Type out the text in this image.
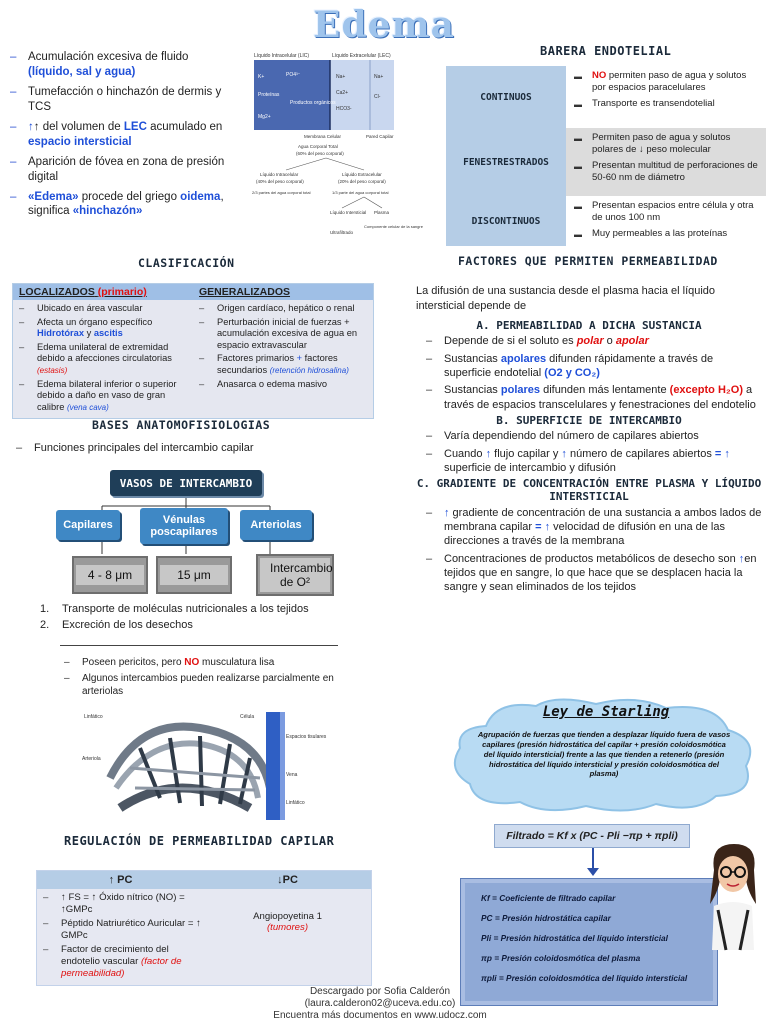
Edema
– Acumulación excesiva de fluido (líquido, sal y agua)
– Tumefacción o hinchazón de dermis y TCS
– ↑↑ del volumen de LEC acumulado en espacio intersticial
– Aparición de fóvea en zona de presión digital
– «Edema» procede del griego oidema, significa «hinchazón»
Líquido Intracelular (LIC)	Líquido Extracelular (LEC)
K+	PO4³⁻
Proteínas
Productos orgánicos
Mg2+
Na+
Ca2+
HCO3-
Na+
Cl-
Membrana Celular	Pared Capilar
Agua Corporal Total
(60% del peso corporal)
Líquido Intracelular
(40% del peso corporal)
Líquido Extracelular
(20% del peso corporal)
2/3 partes del agua corporal total	1/3 parte del agua corporal total
Líquido Intersticial Plasma
Ultrafiltrado
Componente celular de la sangre
BARERA ENDOTELIAL
CONTINUOS
▬ NO permiten paso de agua y solutos por espacios paracelulares
▬ Transporte es transendotelial
FENESTRESTRADOS
▬ Permiten paso de agua y solutos polares de ↓ peso molecular
▬ Presentan multitud de perforaciones de 50-60 nm de diámetro
DISCONTINUOS
▬ Presentan espacios entre célula y otra de unos 100 nm
▬ Muy permeables a las proteínas
CLASIFICACIÓN
LOCALIZADOS (primario)	GENERALIZADOS
– Ubicado en área vascular
– Afecta un órgano específico
Hidrotórax y ascitis
– Edema unilateral de extremidad debido a afecciones circulatorias (estasis)
– Edema bilateral inferior o superior debido a daño en vaso de gran calibre (vena cava)
– Origen cardíaco, hepático o renal
– Perturbación inicial de fuerzas + acumulación excesiva de agua en espacio extravascular
– Factores primarios + factores secundarios (retención hidrosalina)
– Anasarca o edema masivo
BASES ANATOMOFISIOLOGIAS
– Funciones principales del intercambio capilar
VASOS DE INTERCAMBIO
Capilares	Vénulas poscapilares
Arteriolas
4 - 8 μm	15 μm	Intercambio de O²
1. Transporte de moléculas nutricionales a los tejidos
2. Excreción de los desechos
– Poseen pericitos, pero NO musculatura lisa
– Algunos intercambios pueden realizarse parcialmente en arteriolas
Linfático
Arteriola
Célula
Espacios tisulares
Vena
Linfático
REGULACIÓN DE PERMEABILIDAD CAPILAR
↑ PC	↓PC
– ↑ FS = ↑ Óxido nítrico (NO) = ↑GMPc
– Péptido Natriurético Auricular = ↑ GMPc
– Factor de crecimiento del endotelio vascular (factor de permeabilidad)
Angiopoyetina 1
(tumores)
FACTORES QUE PERMITEN PERMEABILIDAD
La difusión de una sustancia desde el plasma hacia el líquido intersticial depende de
A. PERMEABILIDAD A DICHA SUSTANCIA
– Depende de si el soluto es polar o apolar
– Sustancias apolares difunden rápidamente a través de superficie endotelial (O2 y CO₂)
– Sustancias polares difunden más lentamente (excepto H₂O) a través de espacios transcelulares y fenestraciones del endotelio
B. SUPERFICIE DE INTERCAMBIO
– Varía dependiendo del número de capilares abiertos
– Cuando ↑ flujo capilar y ↑ número de capilares abiertos = ↑ superficie de intercambio y difusión
C. GRADIENTE DE CONCENTRACIÓN ENTRE PLASMA Y LÍQUIDO INTERSTICIAL
– ↑ gradiente de concentración de una sustancia a ambos lados de membrana capilar = ↑ velocidad de difusión en una de las direcciones a través de la membrana
– Concentraciones de productos metabólicos de desecho son ↑en tejidos que en sangre, lo que hace que se desplacen hacia la sangre y sean eliminados de los tejidos
Ley de Starling
Agrupación de fuerzas que tienden a desplazar líquido fuera de vasos capilares (presión hidrostática del capilar + presión coloidosmótica del líquido intersticial) frente a las que tienden a retenerlo (presión hidrostática del líquido intersticial y presión coloidosmótica del plasma)
Filtrado = Kf x (PC - Pli −πp + πpli)
Kf = Coeficiente de filtrado capilar
PC = Presión hidrostática capilar
Pli = Presión hidrostática del líquido intersticial
πp = Presión coloidosmótica del plasma
πpli = Presión coloidosmótica del líquido intersticial
Descargado por Sofia Calderón
(laura.calderon02@uceva.edu.co)
Encuentra más documentos en www.udocz.com
